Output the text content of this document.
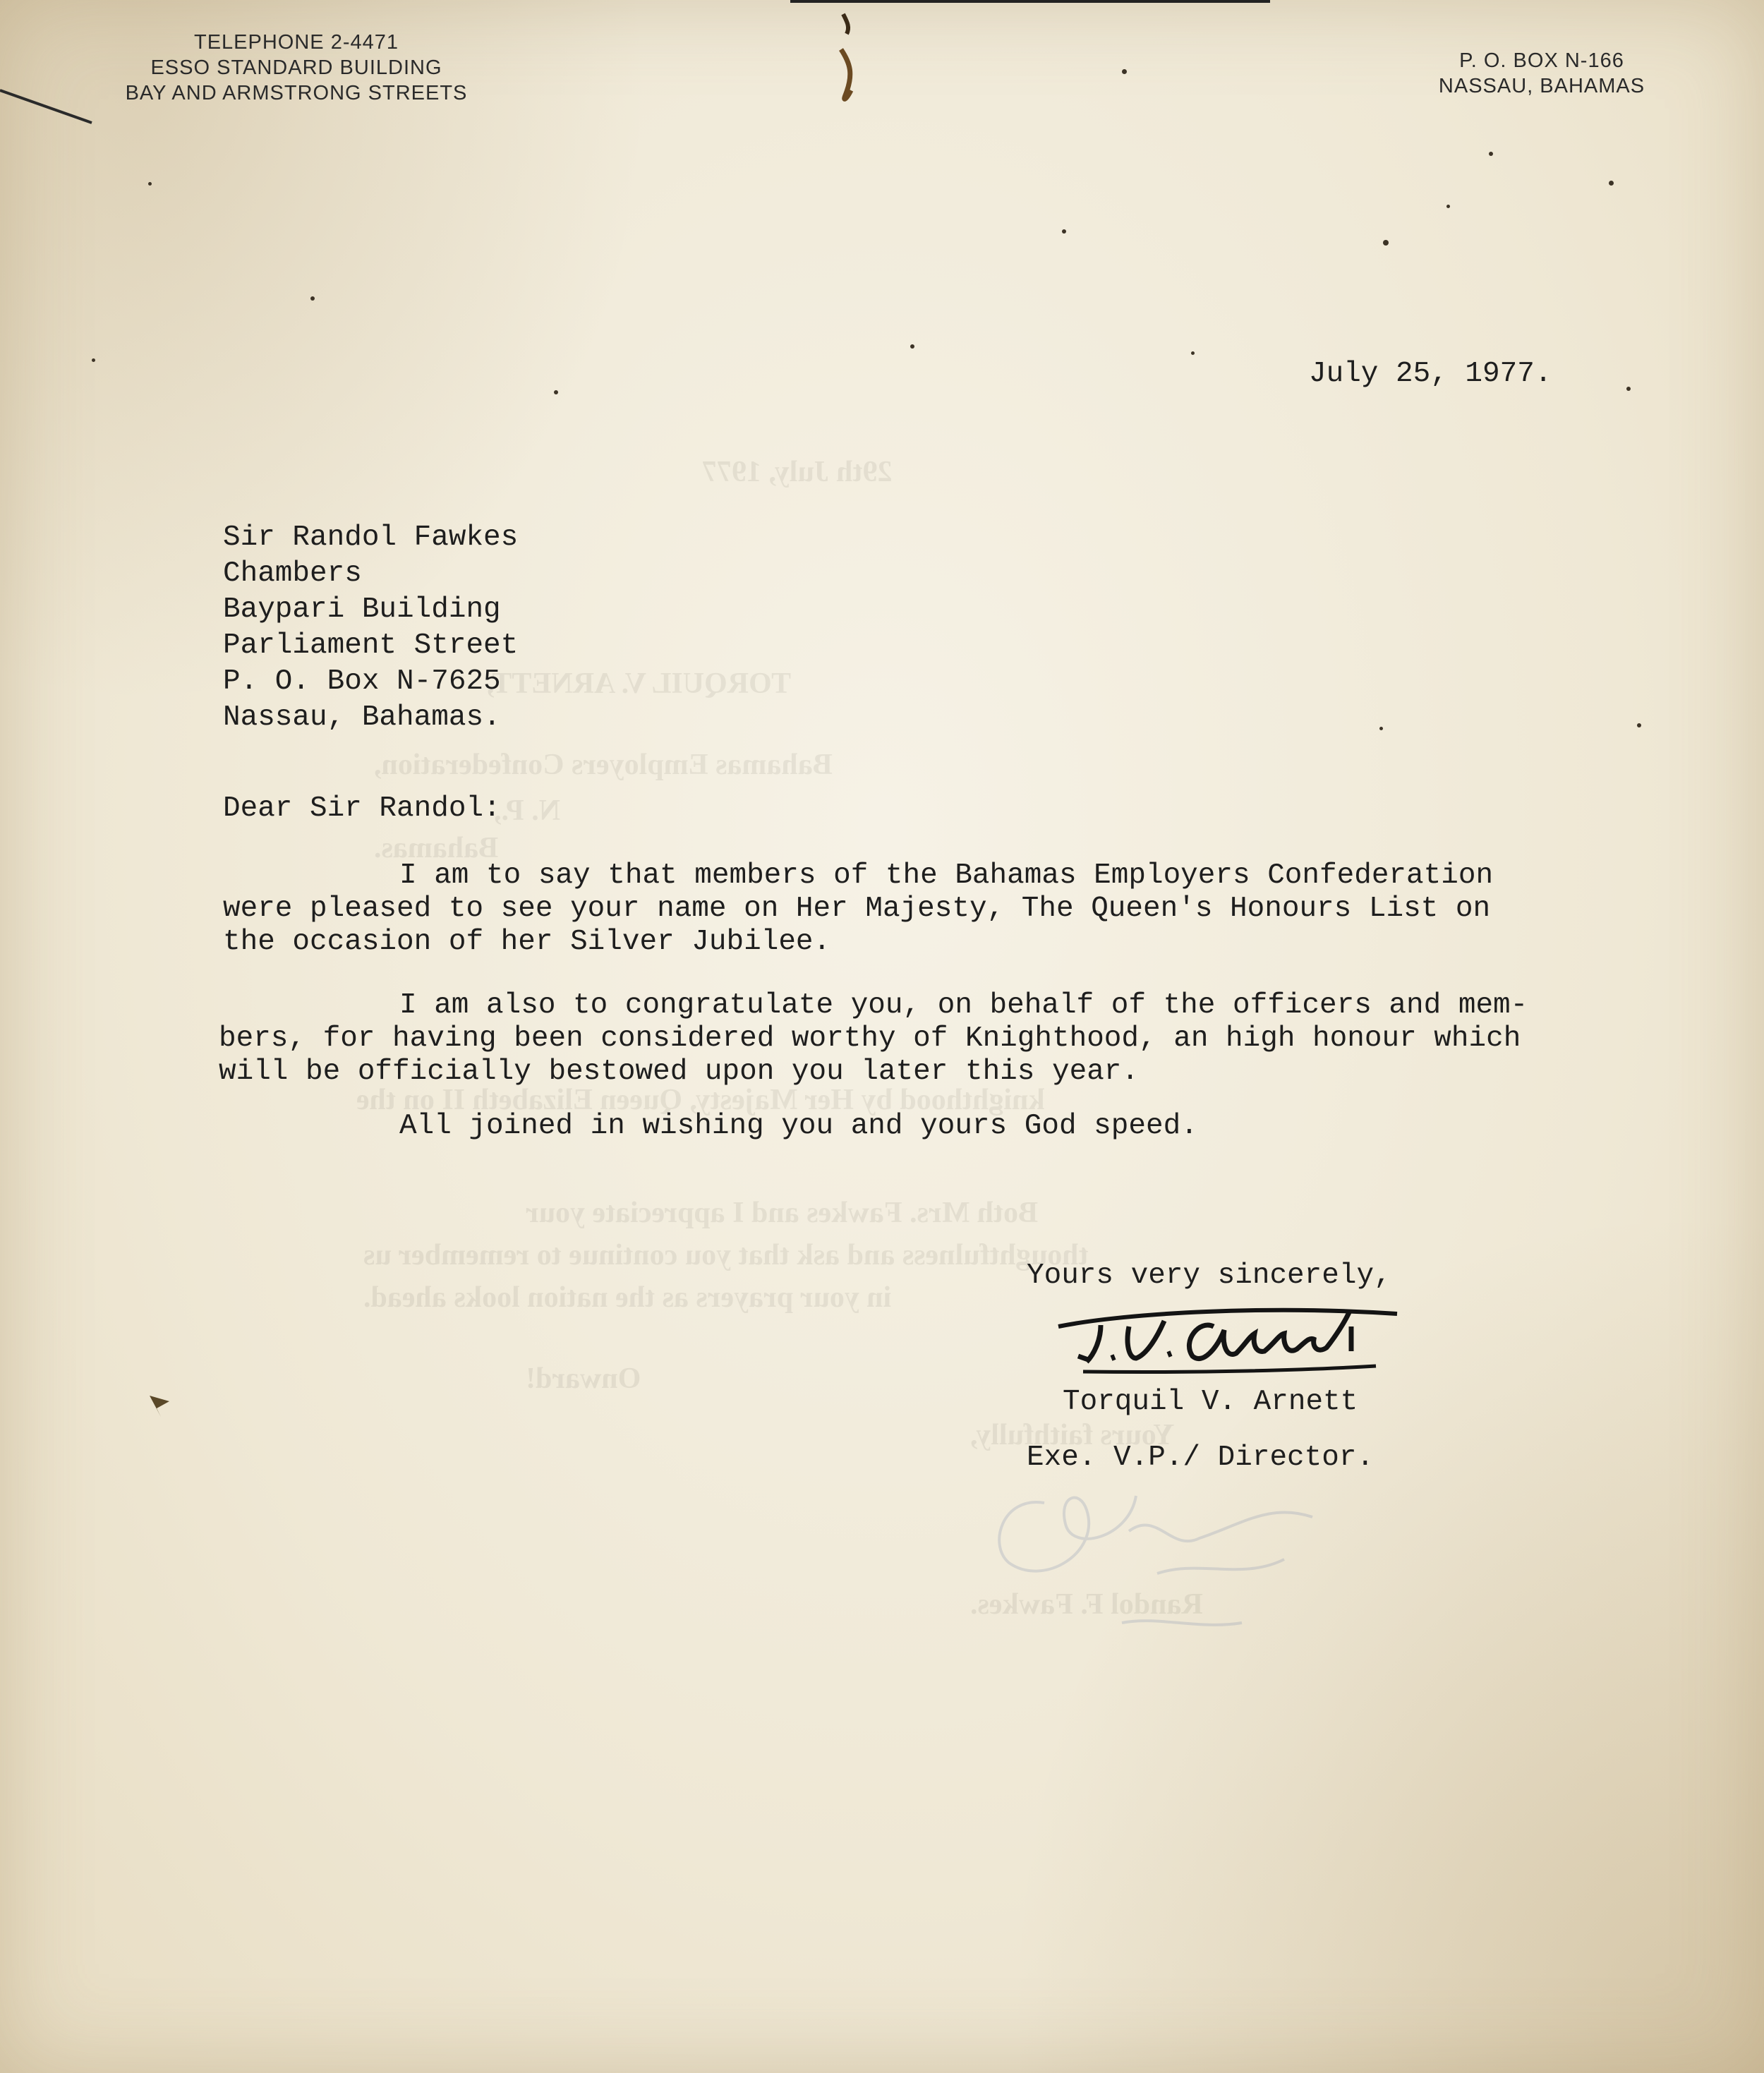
29th July, 1977
TORQUIL V. ARNETT,
Bahamas Employers Confederation,
N. P.,
Bahamas.
knighthood by Her Majesty, Queen Elizabeth II on the
Both Mrs. Fawkes and I appreciate your
thoughtfulness and ask that you continue to remember us
in your prayers as the nation looks ahead.
Onward!
Yours faithfully,
Randol F. Fawkes.
TELEPHONE 2-4471
ESSO STANDARD BUILDING
BAY AND ARMSTRONG STREETS
P. O. BOX N-166
NASSAU, BAHAMAS
July 25, 1977.
Sir Randol Fawkes
Chambers
Baypari Building
Parliament Street
P. O. Box N-7625
Nassau, Bahamas.
Dear Sir Randol:
I am to say that members of the Bahamas Employers Confederation
were pleased to see your name on Her Majesty, The Queen's Honours List on
the occasion of her Silver Jubilee.
I am also to congratulate you, on behalf of the officers and mem-
bers, for having been considered worthy of Knighthood, an high honour which
will be officially bestowed upon you later this year.
All joined in wishing you and yours God speed.
Yours very sincerely,
Torquil V. Arnett
Exe. V.P./ Director.
